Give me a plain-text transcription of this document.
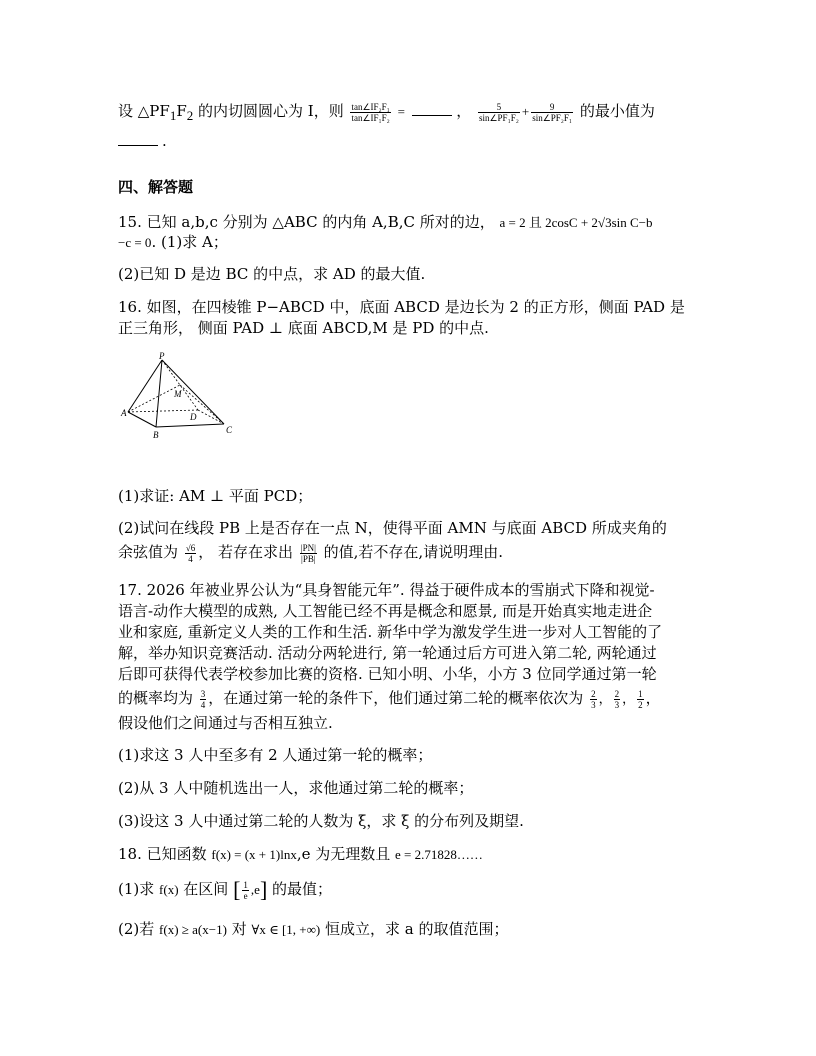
设 $\triangle PF_1F_2$ 的内切圆圆心为 I，则 $\frac{\text{tan∠IF₂F₁}}{\text{tan∠IF₁F₂}}$ =	， $\frac{5}{\text{sin∠PF₁F₂}} + \frac{9}{\text{sin∠PF₂F₁}}$ 的最小值为
.
四、解答题
15. 已知 a,b,c 分别为 △ABC 的内角 A,B,C 所对的边， a = 2 且 2cosC + 2√3sin C−b
−c = 0. (1)求 A；
(2)已知 D 是边 BC 的中点，求 AD 的最大值.
16. 如图，在四棱锥 P−ABCD 中，底面 ABCD 是边长为 2 的正方形，侧面 PAD 是
正三角形， 侧面 PAD ⊥ 底面 ABCD,M 是 PD 的中点.
P
M
A	D
B	C
(1)求证: AM ⊥ 平面 PCD；
(2)试问在线段 PB 上是否存在一点 N，使得平面 AMN 与底面 ABCD 所成夹角的
余弦值为 $\frac{√6}{4}$ ， 若存在求出 $\frac{|PN|}{|PB|}$ 的值,若不存在,请说明理由.
17. 2026 年被业界公认为“具身智能元年”. 得益于硬件成本的雪崩式下降和视觉-
语言-动作大模型的成熟, 人工智能已经不再是概念和愿景, 而是开始真实地走进企
业和家庭, 重新定义人类的工作和生活. 新华中学为激发学生进一步对人工智能的了
解，举办知识竞赛活动. 活动分两轮进行, 第一轮通过后方可进入第二轮, 两轮通过
后即可获得代表学校参加比赛的资格. 已知小明、小华，小方 3 位同学通过第一轮
的概率均为 $\frac{3}{4}$ ，在通过第一轮的条件下，他们通过第二轮的概率依次为 $\frac{2}{3}$ ， $\frac{2}{3}$ ， $\frac{1}{2}$ ，
假设他们之间通过与否相互独立.
(1)求这 3 人中至多有 2 人通过第一轮的概率；
(2)从 3 人中随机选出一人，求他通过第二轮的概率；
(3)设这 3 人中通过第二轮的人数为 ξ，求 ξ 的分布列及期望.
18. 已知函数 f(x) = (x + 1)lnx,e 为无理数且 e = 2.71828……
(1)求 f(x) 在区间 [ $\frac{1}{e} ,e$] 的最值；
(2)若 f(x) ≥ a(x−1) 对 ∀x ∈ [1, +∞) 恒成立，求 a 的取值范围；
